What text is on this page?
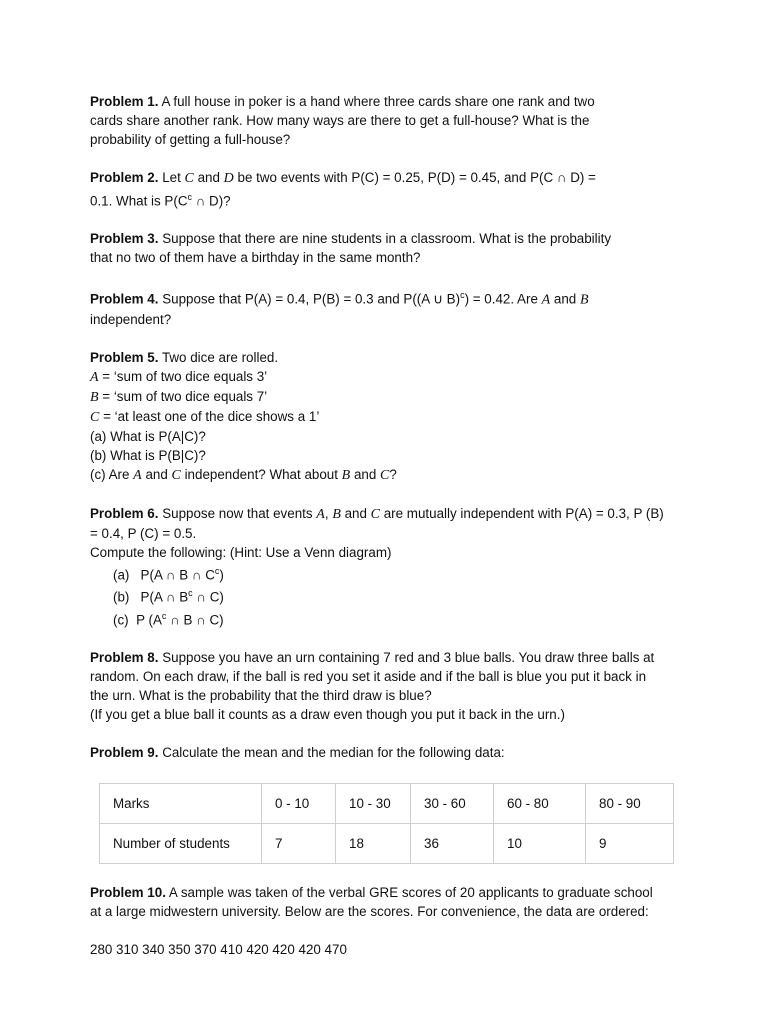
Problem 1. A full house in poker is a hand where three cards share one rank and two

cards share another rank. How many ways are there to get a full-house? What is the

probability of getting a full-house?

Problem 2. Let C and D be two events with P(C) = 0.25, P(D) = 0.45, and P(C ∩ D) =

0.1. What is $P(C^c$ ∩ D)?

Problem 3. Suppose that there are nine students in a classroom. What is the probability

that no two of them have a birthday in the same month?

Problem 4. Suppose that P(A) = 0.4, P(B) = 0.3 and P((A ∪ B)$^c$) = 0.42. Are A and B

independent?

Problem 5. Two dice are rolled.

A = ‘sum of two dice equals 3’

B = ‘sum of two dice equals 7’

C = ‘at least one of the dice shows a 1’

(a) What is P(A|C)?

(b) What is P(B|C)?

(c) Are A and C independent? What about B and C?

Problem 6. Suppose now that events A, B and C are mutually independent with P(A) = 0.3, P (B)

= 0.4, P (C) = 0.5.

Compute the following: (Hint: Use a Venn diagram)

(a) P(A ∩ B ∩ $C^c$)

(b) P(A ∩ $B^c$ ∩ C)

(c) P ($A^c$ ∩ B ∩ C)

Problem 8. Suppose you have an urn containing 7 red and 3 blue balls. You draw three balls at

random. On each draw, if the ball is red you set it aside and if the ball is blue you put it back in

the urn. What is the probability that the third draw is blue?

(If you get a blue ball it counts as a draw even though you put it back in the urn.)

Problem 9. Calculate the mean and the median for the following data:

Marks	0 - 10	10 - 30	30 - 60	60 - 80	80 - 90
Number of students	7	18	36	10	9

Problem 10. A sample was taken of the verbal GRE scores of 20 applicants to graduate school

at a large midwestern university. Below are the scores. For convenience, the data are ordered:

280 310 340 350 370 410 420 420 420 470
